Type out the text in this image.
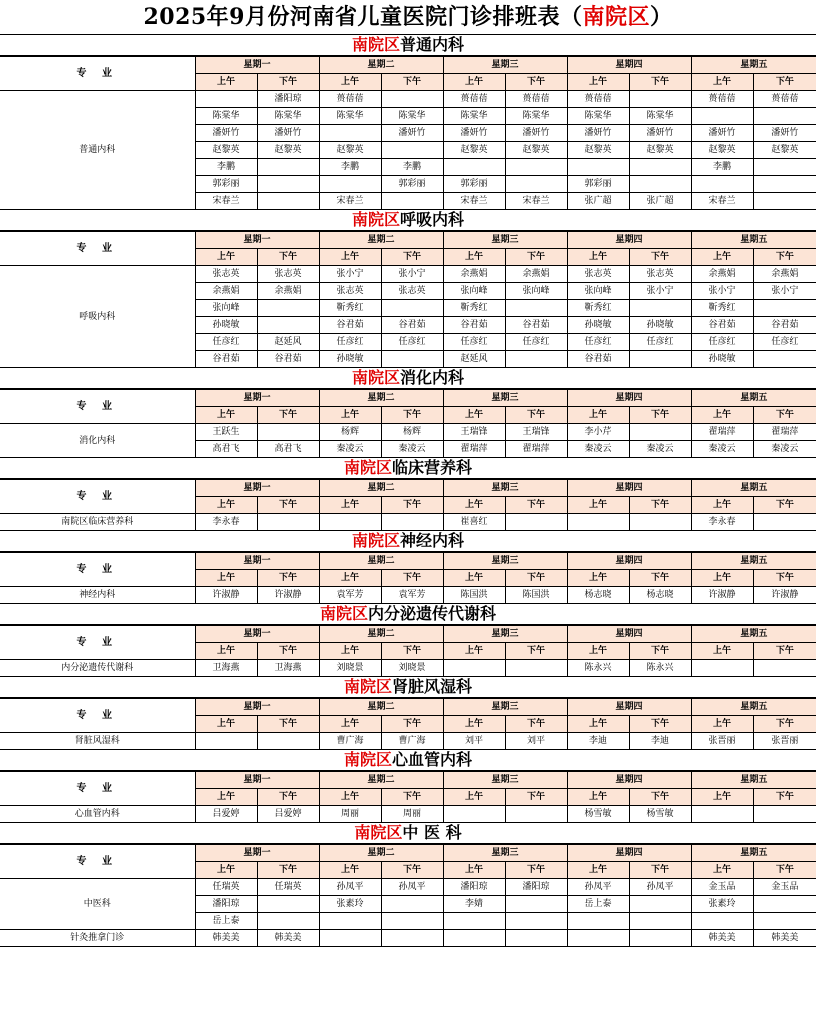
2025年9月份河南省儿童医院门诊排班表（南院区）
南院区普通内科
专 业	星期一		星期二		星期三		星期四		星期五	
	上午	下午	上午	下午	上午	下午	上午	下午	上午	下午
普通内科		潘阳琼	蒉蓓蓓		蒉蓓蓓	蒉蓓蓓	蒉蓓蓓		蒉蓓蓓	蒉蓓蓓
	陈棠华	陈棠华	陈棠华	陈棠华	陈棠华	陈棠华	陈棠华	陈棠华		
	潘妍竹	潘妍竹		潘妍竹	潘妍竹	潘妍竹	潘妍竹	潘妍竹	潘妍竹	潘妍竹
	赵黎英	赵黎英	赵黎英		赵黎英	赵黎英	赵黎英	赵黎英	赵黎英	赵黎英
	李鹏		李鹏	李鹏					李鹏	
	郭彩丽			郭彩丽	郭彩丽		郭彩丽			
	宋春兰		宋春兰		宋春兰	宋春兰	张广超	张广超	宋春兰	
南院区呼吸内科
专 业	星期一		星期二		星期三		星期四		星期五	
	上午	下午	上午	下午	上午	下午	上午	下午	上午	下午
呼吸内科	张志英	张志英	张小宁	张小宁	余燕娟	余燕娟	张志英	张志英	余燕娟	余燕娟
	余燕娟	余燕娟	张志英	张志英	张向峰	张向峰	张向峰	张小宁	张小宁	张小宁
	张向峰		靳秀红		靳秀红		靳秀红		靳秀红	
	孙晓敏		谷君茹	谷君茹	谷君茹	谷君茹	孙晓敏	孙晓敏	谷君茹	谷君茹
	任彦红	赵延风	任彦红	任彦红	任彦红	任彦红	任彦红	任彦红	任彦红	任彦红
	谷君茹	谷君茹	孙晓敏		赵延风		谷君茹		孙晓敏	
南院区消化内科
专 业	星期一		星期二		星期三		星期四		星期五	
	上午	下午	上午	下午	上午	下午	上午	下午	上午	下午
消化内科	王跃生		杨辉	杨辉	王瑞锋	王瑞锋	李小芹		翟瑞萍	翟瑞萍
	高君飞	高君飞	秦凌云	秦凌云	翟瑞萍	翟瑞萍	秦凌云	秦凌云	秦凌云	秦凌云
南院区临床营养科
专 业	星期一		星期二		星期三		星期四		星期五	
	上午	下午	上午	下午	上午	下午	上午	下午	上午	下午
南院区临床营养科	李永春				崔喜红				李永春	
南院区神经内科
专 业	星期一		星期二		星期三		星期四		星期五	
	上午	下午	上午	下午	上午	下午	上午	下午	上午	下午
神经内科	许淑静	许淑静	袁军芳	袁军芳	陈国洪	陈国洪	杨志晓	杨志晓	许淑静	许淑静
南院区内分泌遗传代谢科
专 业	星期一		星期二		星期三		星期四		星期五	
	上午	下午	上午	下午	上午	下午	上午	下午	上午	下午
内分泌遗传代谢科	卫海燕	卫海燕	刘晓景	刘晓景			陈永兴	陈永兴		
南院区肾脏风湿科
专 业	星期一		星期二		星期三		星期四		星期五	
	上午	下午	上午	下午	上午	下午	上午	下午	上午	下午
肾脏风湿科			曹广海	曹广海	刘平	刘平	李迪	李迪	张晋丽	张晋丽
南院区心血管内科
专 业	星期一		星期二		星期三		星期四		星期五	
	上午	下午	上午	下午	上午	下午	上午	下午	上午	下午
心血管内科	吕爱婷	吕爱婷	周丽	周丽			杨雪敏	杨雪敏		
南院区中 医 科
专 业	星期一		星期二		星期三		星期四		星期五	
	上午	下午	上午	下午	上午	下午	上午	下午	上午	下午
中医科	任瑞英	任瑞英	孙凤平	孙凤平	潘阳琼	潘阳琼	孙凤平	孙凤平	金玉品	金玉品
	潘阳琼		张素玲		李婧		岳上泰		张素玲	
	岳上泰									
针灸推拿门诊	韩美美	韩美美							韩美美	韩美美
